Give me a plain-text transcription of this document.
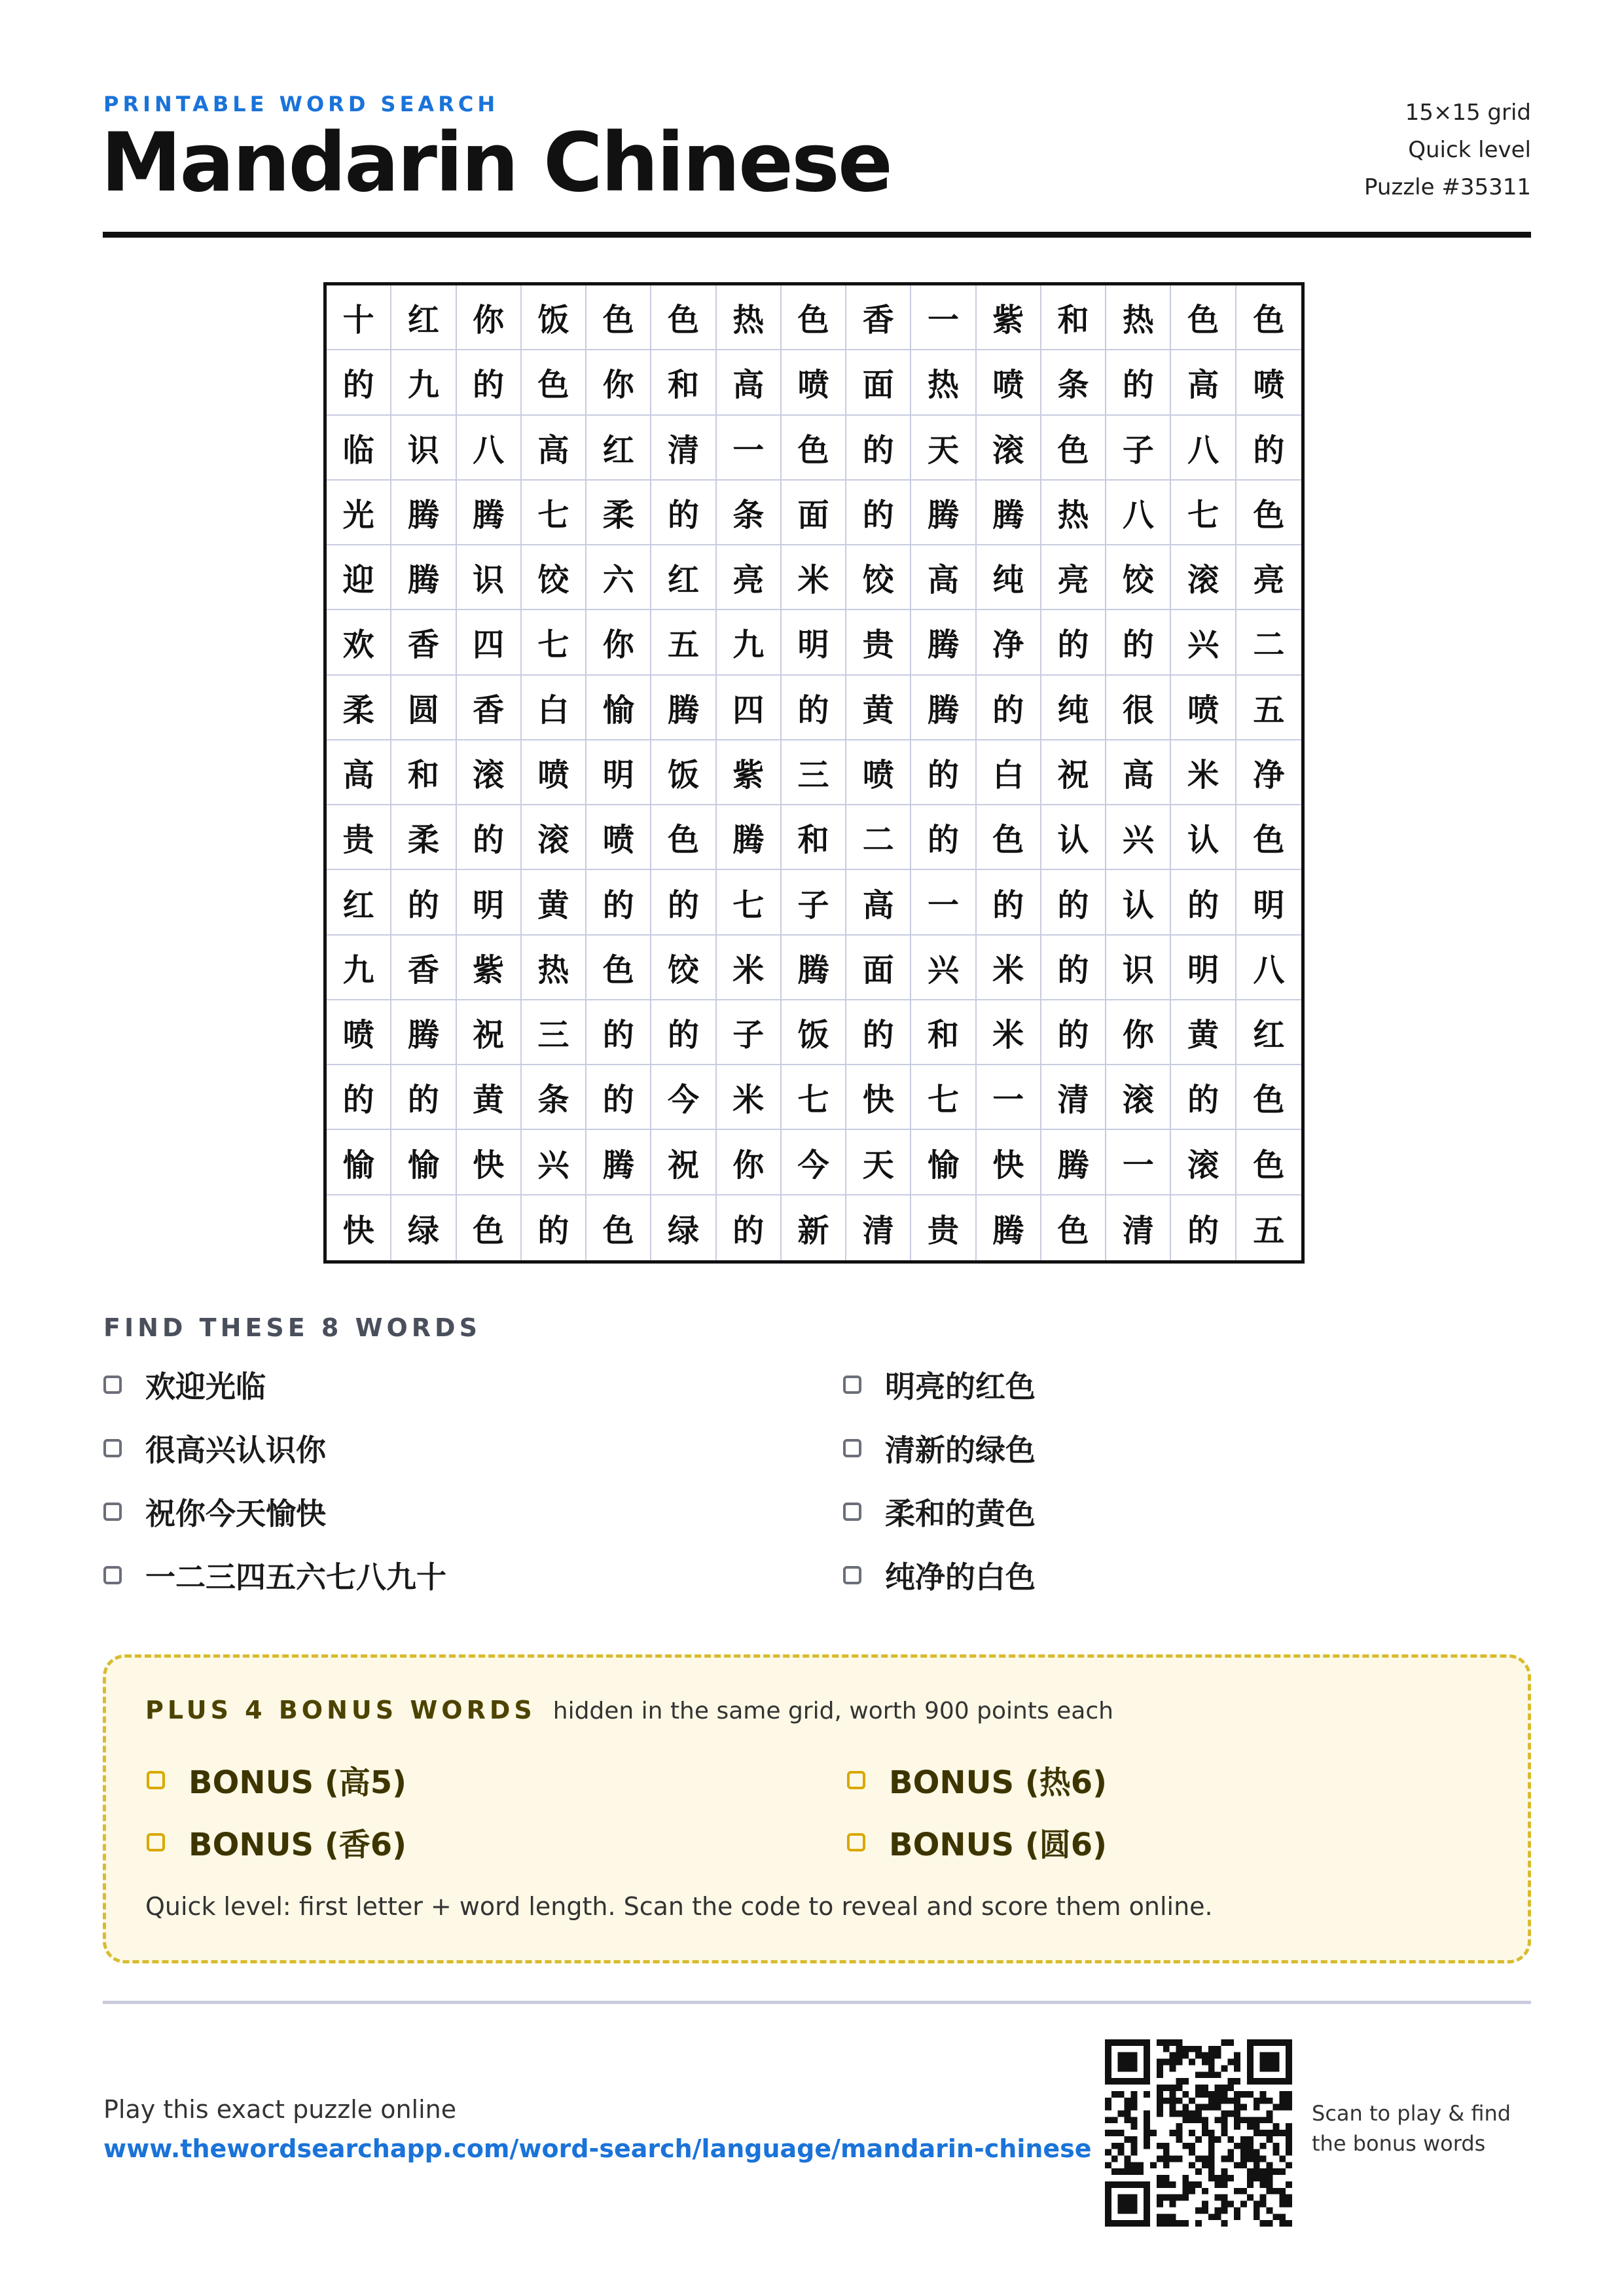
PRINTABLE WORD SEARCH
Mandarin Chinese
15×15 grid
Quick level
Puzzle #35311
十	红	你	饭	色	色	热	色	香	一	紫	和	热	色	色
的	九	的	色	你	和	高	喷	面	热	喷	条	的	高	喷
临	识	八	高	红	清	一	色	的	天	滚	色	子	八	的
光	腾	腾	七	柔	的	条	面	的	腾	腾	热	八	七	色
迎	腾	识	饺	六	红	亮	米	饺	高	纯	亮	饺	滚	亮
欢	香	四	七	你	五	九	明	贵	腾	净	的	的	兴	二
柔	圆	香	白	愉	腾	四	的	黄	腾	的	纯	很	喷	五
高	和	滚	喷	明	饭	紫	三	喷	的	白	祝	高	米	净
贵	柔	的	滚	喷	色	腾	和	二	的	色	认	兴	认	色
红	的	明	黄	的	的	七	子	高	一	的	的	认	的	明
九	香	紫	热	色	饺	米	腾	面	兴	米	的	识	明	八
喷	腾	祝	三	的	的	子	饭	的	和	米	的	你	黄	红
的	的	黄	条	的	今	米	七	快	七	一	清	滚	的	色
愉	愉	快	兴	腾	祝	你	今	天	愉	快	腾	一	滚	色
快	绿	色	的	色	绿	的	新	清	贵	腾	色	清	的	五
FIND THESE 8 WORDS
欢迎光临	明亮的红色
很高兴认识你	清新的绿色
祝你今天愉快	柔和的黄色
一二三四五六七八九十	纯净的白色
PLUS 4 BONUS WORDS hidden in the same grid, worth 900 points each
BONUS (高5)	BONUS (热6)
BONUS (香6)	BONUS (圆6)
Quick level: first letter + word length. Scan the code to reveal and score them online.
Play this exact puzzle online
www.thewordsearchapp.com/word-search/language/mandarin-chinese
Scan to play & find
the bonus words
